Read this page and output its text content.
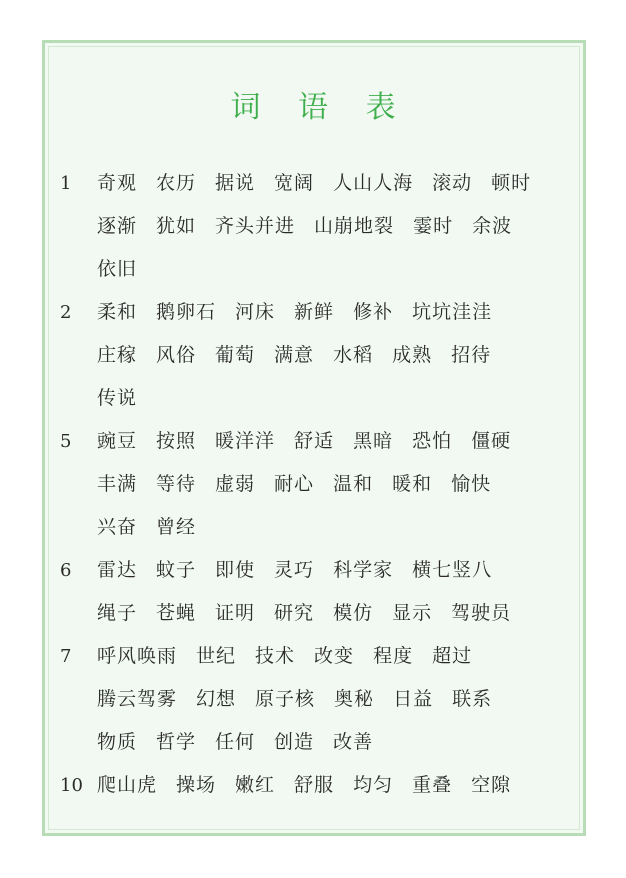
词 语 表
1	奇观 农历 据说 宽阔 人山人海 滚动 顿时
逐渐 犹如 齐头并进 山崩地裂 霎时 余波
依旧
2	柔和 鹅卵石 河床 新鲜 修补 坑坑洼洼
庄稼 风俗 葡萄 满意 水稻 成熟 招待
传说
5	豌豆 按照 暖洋洋 舒适 黑暗 恐怕 僵硬
丰满 等待 虚弱 耐心 温和 暖和 愉快
兴奋 曾经
6	雷达 蚊子 即使 灵巧 科学家 横七竖八
绳子 苍蝇 证明 研究 模仿 显示 驾驶员
7	呼风唤雨 世纪 技术 改变 程度 超过
腾云驾雾 幻想 原子核 奥秘 日益 联系
物质 哲学 任何 创造 改善
10 爬山虎 操场 嫩红 舒服 均匀 重叠 空隙
